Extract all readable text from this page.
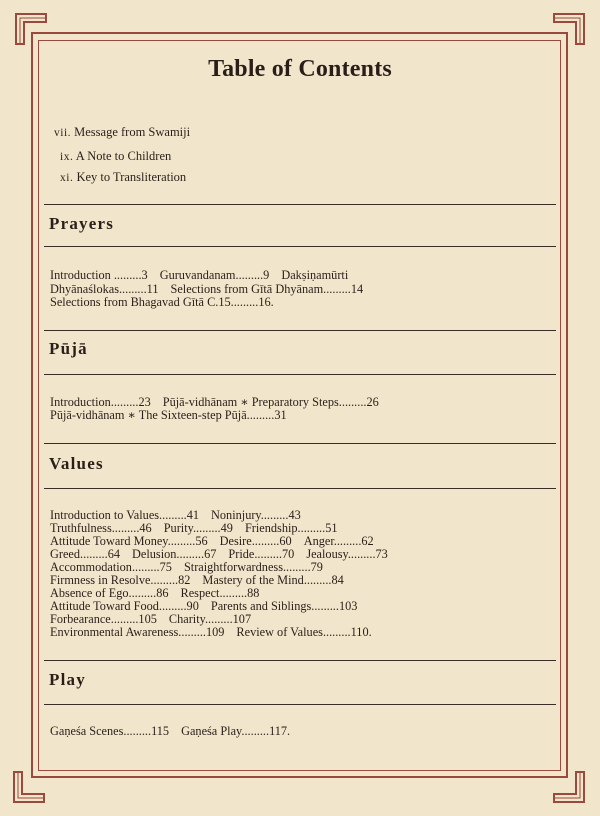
Table of Contents
vii. Message from Swamiji
ix. A Note to Children
xi. Key to Transliteration
Prayers
Introduction .........3 Guruvandanam.........9 Dakṣiṇamūrti
Dhyānaślokas.........11 Selections from Gītā Dhyānam.........14
Selections from Bhagavad Gītā C.15.........16.
Pūjā
Introduction.........23 Pūjā-vidhānam ∗ Preparatory Steps.........26
Pūjā-vidhānam ∗ The Sixteen-step Pūjā.........31
Values
Introduction to Values.........41 Noninjury.........43
Truthfulness.........46 Purity.........49 Friendship.........51
Attitude Toward Money.........56 Desire.........60 Anger.........62
Greed.........64 Delusion.........67 Pride.........70 Jealousy.........73
Accommodation.........75 Straightforwardness.........79
Firmness in Resolve.........82 Mastery of the Mind.........84
Absence of Ego.........86 Respect.........88
Attitude Toward Food.........90 Parents and Siblings.........103
Forbearance.........105 Charity.........107
Environmental Awareness.........109 Review of Values.........110.
Play
Gaṇeśa Scenes.........115 Gaṇeśa Play.........117.
